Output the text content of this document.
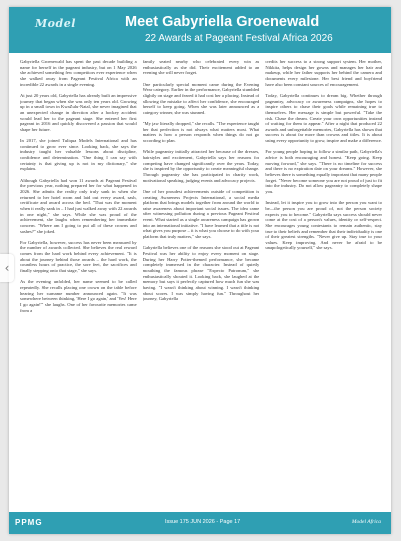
Model	Meet Gabyriella Groenewald
22 Awards at Pageant Festival Africa 2026

Gabyriella Groenewald has spent the past decade building a name for herself in the pageant industry, but on 1 May 2026 she achieved something few competitors ever experience when she walked away from Pageant Festival Africa with an incredible 22 awards in a single evening.

At just 20 years old, Gabyriella has already built an impressive journey that began when she was only ten years old. Growing up in a small town in KwaZulu-Natal, she never imagined that an unexpected change in direction after a hockey accident would lead her to the pageant stage. She entered her first pageant in 2016 and quickly discovered a passion that would shape her future.

In 2017, she joined Tuliqua Models International and has continued to grow ever since. Looking back, she says the industry taught her valuable lessons about discipline, confidence and determination. "One thing I can say with certainty is that giving up is not in my dictionary," she explains.

Although Gabyriella had won 11 awards at Pageant Festival the previous year, nothing prepared her for what happened in 2026. She admits the reality only truly sank in when she returned to her hotel room and laid out every award, sash, certificate and award across the bed. "That was the moment when it really sank in – I had just walked away with 22 awards in one night," she says. While she was proud of the achievement, she laughs when remembering her immediate concern. "Where am I going to put all of these crowns and sashes?" she joked.

For Gabyriella, however, success has never been measured by the number of awards collected. She believes the real reward comes from the hard work behind every achievement. "It is about the journey behind those awards – the hard work, the countless hours of practice, the sore feet, the sacrifices and finally stepping onto that stage," she says.

As the evening unfolded, her name seemed to be called repeatedly. She recalls placing one crown on the table before hearing her surname number announced again. "It was somewhere between thinking, 'Here I go again,' and 'Yes! Here I go again!'" she laughs. One of her favourite memories came from a

family seated nearby who celebrated every win as enthusiastically as she did. Their excitement added to an evening she will never forget.

One particularly special moment came during the Evening Wear category. Earlier in the performance, Gabyriella stumbled slightly on stage and feared it had cost her a placing. Instead of allowing the mistake to affect her confidence, she encouraged herself to keep going. When she was later announced as a category winner, she was stunned.

"My jaw literally dropped," she recalls. "The experience taught her that perfection is not always what matters most. What matters is how a person responds when things do not go according to plan.

While pageantry initially attracted her because of the dresses, hairstyles and excitement, Gabyriella says her reasons for competing have changed significantly over the years. Today, she is inspired by the opportunity to create meaningful change. Through pageantry she has participated in charity work, motivational speaking, judging events and advocacy projects.

One of her proudest achievements outside of competition is creating Awareness Projects International, a social media platform that brings models together from around the world to raise awareness about important social issues. The idea came after witnessing pollution during a previous Pageant Festival event. What started as a single awareness campaign has grown into an international initiative. "I have learned that a title is not what gives you purpose – it is what you choose to do with your platform that truly matters," she says.

Gabyriella believes one of the reasons she stood out at Pageant Festival was her ability to enjoy every moment on stage. During her Harry Potter-themed performance, she became completely immersed in the character. Instead of quietly mouthing the famous phrase "Expecto Patronum," she enthusiastically shouted it. Looking back, she laughed at the memory but says it perfectly captured how much fun she was having. "I wasn't thinking about winning. I wasn't thinking about scores. I was simply having fun." Throughout her journey, Gabyriella

credits her success to a strong support system. Her mother, Nikkita, helps design her gowns and manages her hair and makeup, while her father supports her behind the camera and documents every milestone. Her best friend and boyfriend have also been constant sources of encouragement.

Today, Gabyriella continues to dream big. Whether through pageantry, advocacy or awareness campaigns, she hopes to inspire others to chase their goals while remaining true to themselves. Her message is simple but powerful. "Take the risk. Chase the dream. Create your own opportunities instead of waiting for them to appear." After a night that produced 22 awards and unforgettable memories, Gabyriella has shown that success is about far more than crowns and titles. It is about using every opportunity to grow, inspire and make a difference.

For young people hoping to follow a similar path, Gabyriella's advice is both encouraging and honest. "Keep going. Keep moving forward," she says. "There is no timeline for success and there is no expiration date on your dreams." However, she believes there is something equally important that many people forget. "Never become someone you are not proud of just to fit into the industry. Do not allow pageantry to completely shape you.

Instead, let it inspire you to grow into the person you want to be—the person you are proud of, not the person society expects you to become." Gabyriella says success should never come at the cost of a person's values, identity or self-respect. She encourages young contestants to remain authentic, stay true to their beliefs and remember that their individuality is one of their greatest strengths. "Never give up. Stay true to your values. Keep improving. And never be afraid to be unapologetically yourself," she says.

PPMG	Issue 175 JUN 2026 - Page 17	Model Africa
‹
